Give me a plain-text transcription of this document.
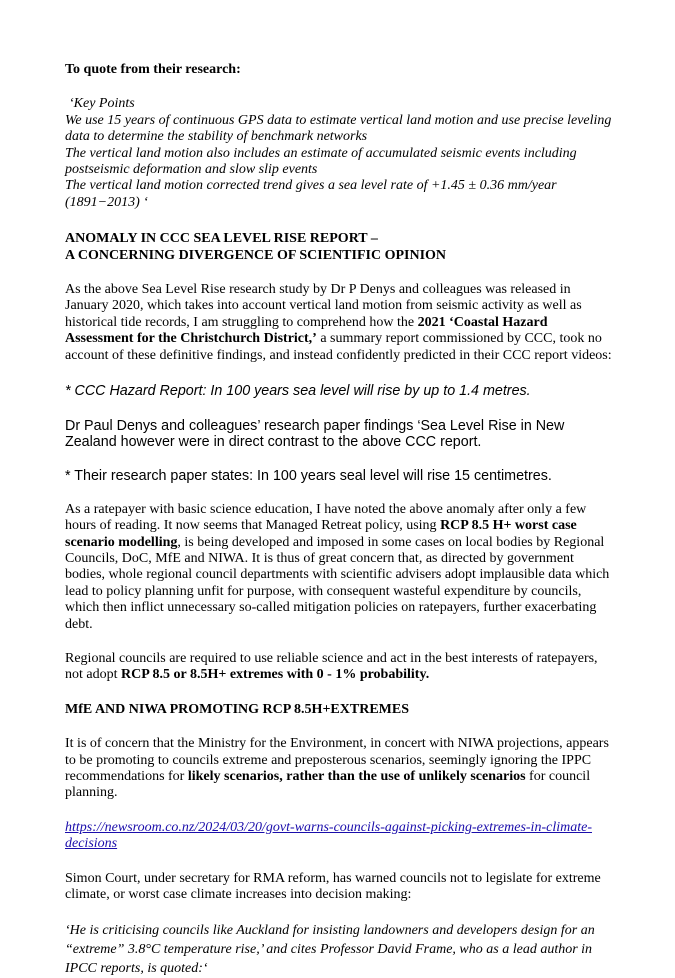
To quote from their research:

‘Key Points

We use 15 years of continuous GPS data to estimate vertical land motion and use precise leveling data to determine the stability of benchmark networks

The vertical land motion also includes an estimate of accumulated seismic events including postseismic deformation and slow slip events

The vertical land motion corrected trend gives a sea level rate of +1.45 ± 0.36 mm/year (1891−2013) ‘

ANOMALY IN CCC SEA LEVEL RISE REPORT –

A CONCERNING DIVERGENCE OF SCIENTIFIC OPINION

As the above Sea Level Rise research study by Dr P Denys and colleagues was released in January 2020, which takes into account vertical land motion from seismic activity as well as historical tide records, I am struggling to comprehend how the 2021 ‘Coastal Hazard Assessment for the Christchurch District,’ a summary report commissioned by CCC, took no account of these definitive findings, and instead confidently predicted in their CCC report videos:

* CCC Hazard Report: In 100 years sea level will rise by up to 1.4 metres.

Dr Paul Denys and colleagues’ research paper findings ‘Sea Level Rise in New Zealand however were in direct contrast to the above CCC report.

* Their research paper states: In 100 years seal level will rise 15 centimetres.

As a ratepayer with basic science education, I have noted the above anomaly after only a few hours of reading. It now seems that Managed Retreat policy, using RCP 8.5 H+ worst case scenario modelling, is being developed and imposed in some cases on local bodies by Regional Councils, DoC, MfE and NIWA. It is thus of great concern that, as directed by government bodies, whole regional council departments with scientific advisers adopt implausible data which lead to policy planning unfit for purpose, with consequent wasteful expenditure by councils, which then inflict unnecessary so-called mitigation policies on ratepayers, further exacerbating debt.

Regional councils are required to use reliable science and act in the best interests of ratepayers, not adopt RCP 8.5 or 8.5H+ extremes with 0 - 1% probability.

MfE AND NIWA PROMOTING RCP 8.5H+EXTREMES

It is of concern that the Ministry for the Environment, in concert with NIWA projections, appears to be promoting to councils extreme and preposterous scenarios, seemingly ignoring the IPPC recommendations for likely scenarios, rather than the use of unlikely scenarios for council planning.

https://newsroom.co.nz/2024/03/20/govt-warns-councils-against-picking-extremes-in-climate-decisions

Simon Court, under secretary for RMA reform, has warned councils not to legislate for extreme climate, or worst case climate increases into decision making:

‘He is criticising councils like Auckland for insisting landowners and developers design for an “extreme” 3.8°C temperature rise,’ and cites Professor David Frame, who as a lead author in IPCC reports, is quoted:‘
